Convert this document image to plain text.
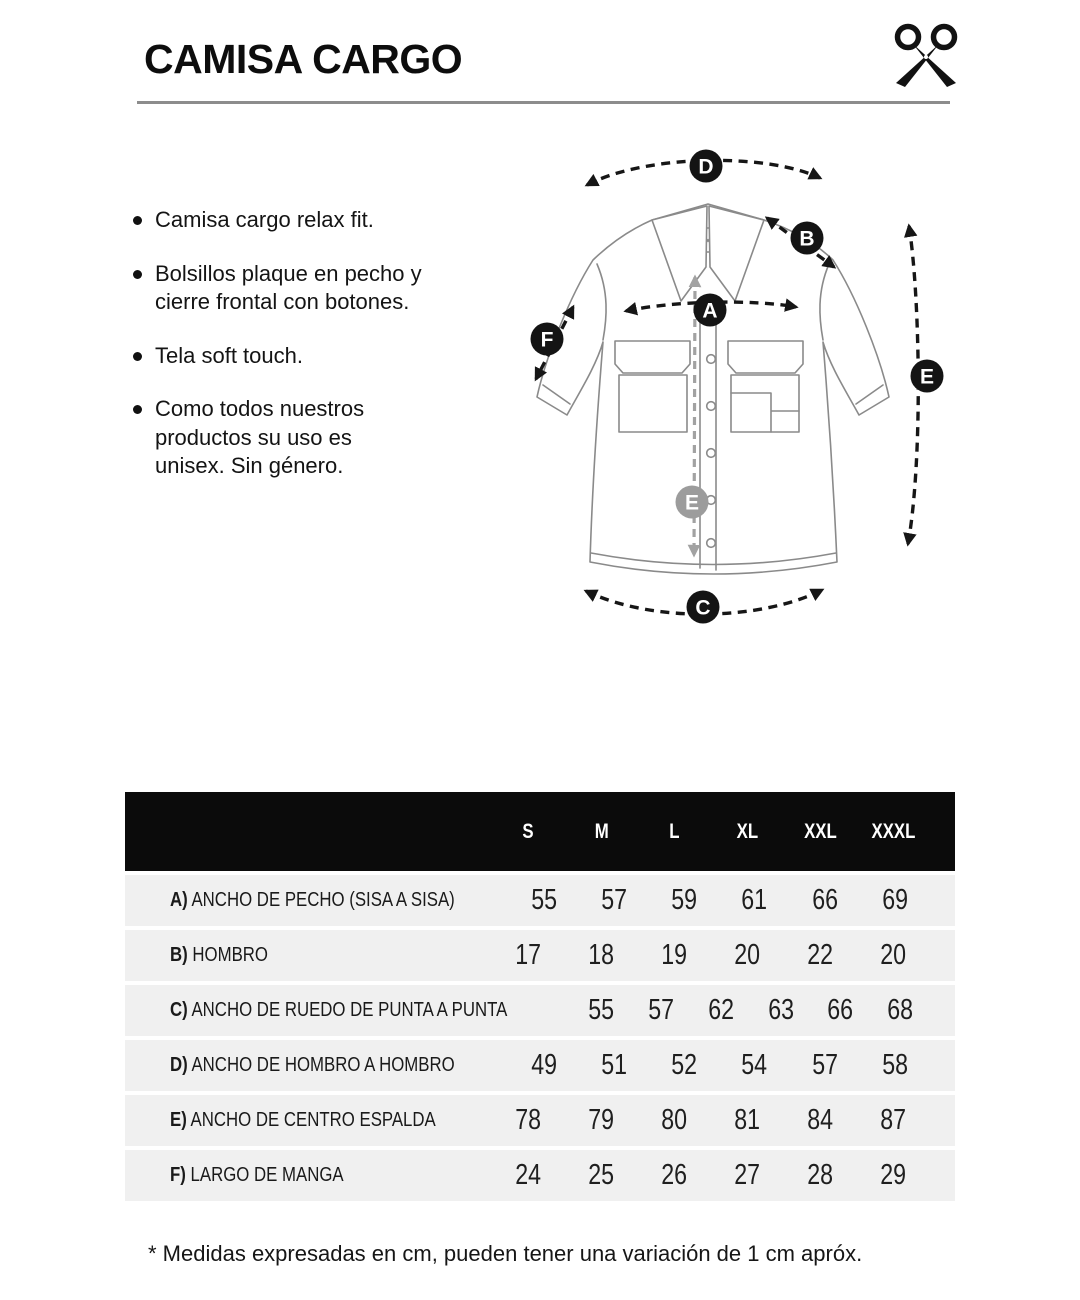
CAMISA CARGO
Camisa cargo relax fit.
Bolsillos plaque en pecho y cierre frontal con botones.
Tela soft touch.
Como todos nuestros productos su uso es unisex. Sin género.
D
B
A
F
E
E
C
S	M	L	XL	XXL	XXXL
A) ANCHO DE PECHO (SISA A SISA)	55	57	59	61	66	69
B) HOMBRO	17	18	19	20	22	20
C) ANCHO DE RUEDO DE PUNTA A PUNTA	55	57	62	63	66	68
D) ANCHO DE HOMBRO A HOMBRO	49	51	52	54	57	58
E) ANCHO DE CENTRO ESPALDA	78	79	80	81	84	87
F) LARGO DE MANGA	24	25	26	27	28	29
* Medidas expresadas en cm, pueden tener una variación de 1 cm apróx.
